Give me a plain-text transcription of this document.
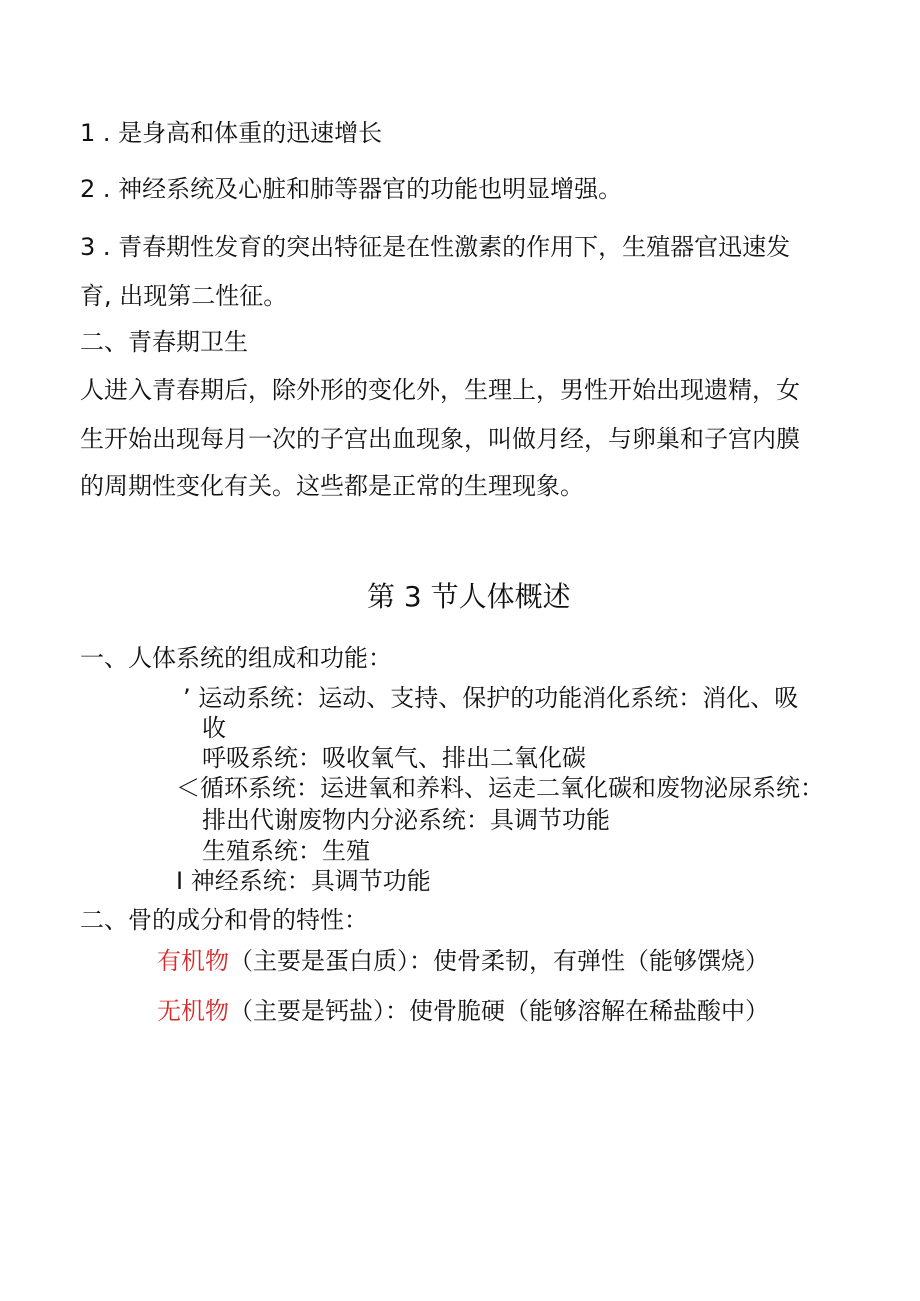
1 . 是身高和体重的迅速增长
2 . 神经系统及心脏和肺等器官的功能也明显增强。
3 . 青春期性发育的突出特征是在性激素的作用下，生殖器官迅速发
育, 出现第二性征。
二、青春期卫生
人进入青春期后，除外形的变化外，生理上，男性开始出现遗精，女
生开始出现每月一次的子宫出血现象，叫做月经，与卵巢和子宫内膜
的周期性变化有关。这些都是正常的生理现象。
第 3 节人体概述
一、人体系统的组成和功能：
’ 运动系统：运动、支持、保护的功能消化系统：消化、吸
收
呼吸系统：吸收氧气、排出二氧化碳
＜循环系统：运进氧和养料、运走二氧化碳和废物泌尿系统：
排出代谢废物内分泌系统：具调节功能
生殖系统：生殖
I 神经系统：具调节功能
二、骨的成分和骨的特性：
有机物（主要是蛋白质）：使骨柔韧，有弹性（能够馔烧）
无机物（主要是钙盐）：使骨脆硬（能够溶解在稀盐酸中）
